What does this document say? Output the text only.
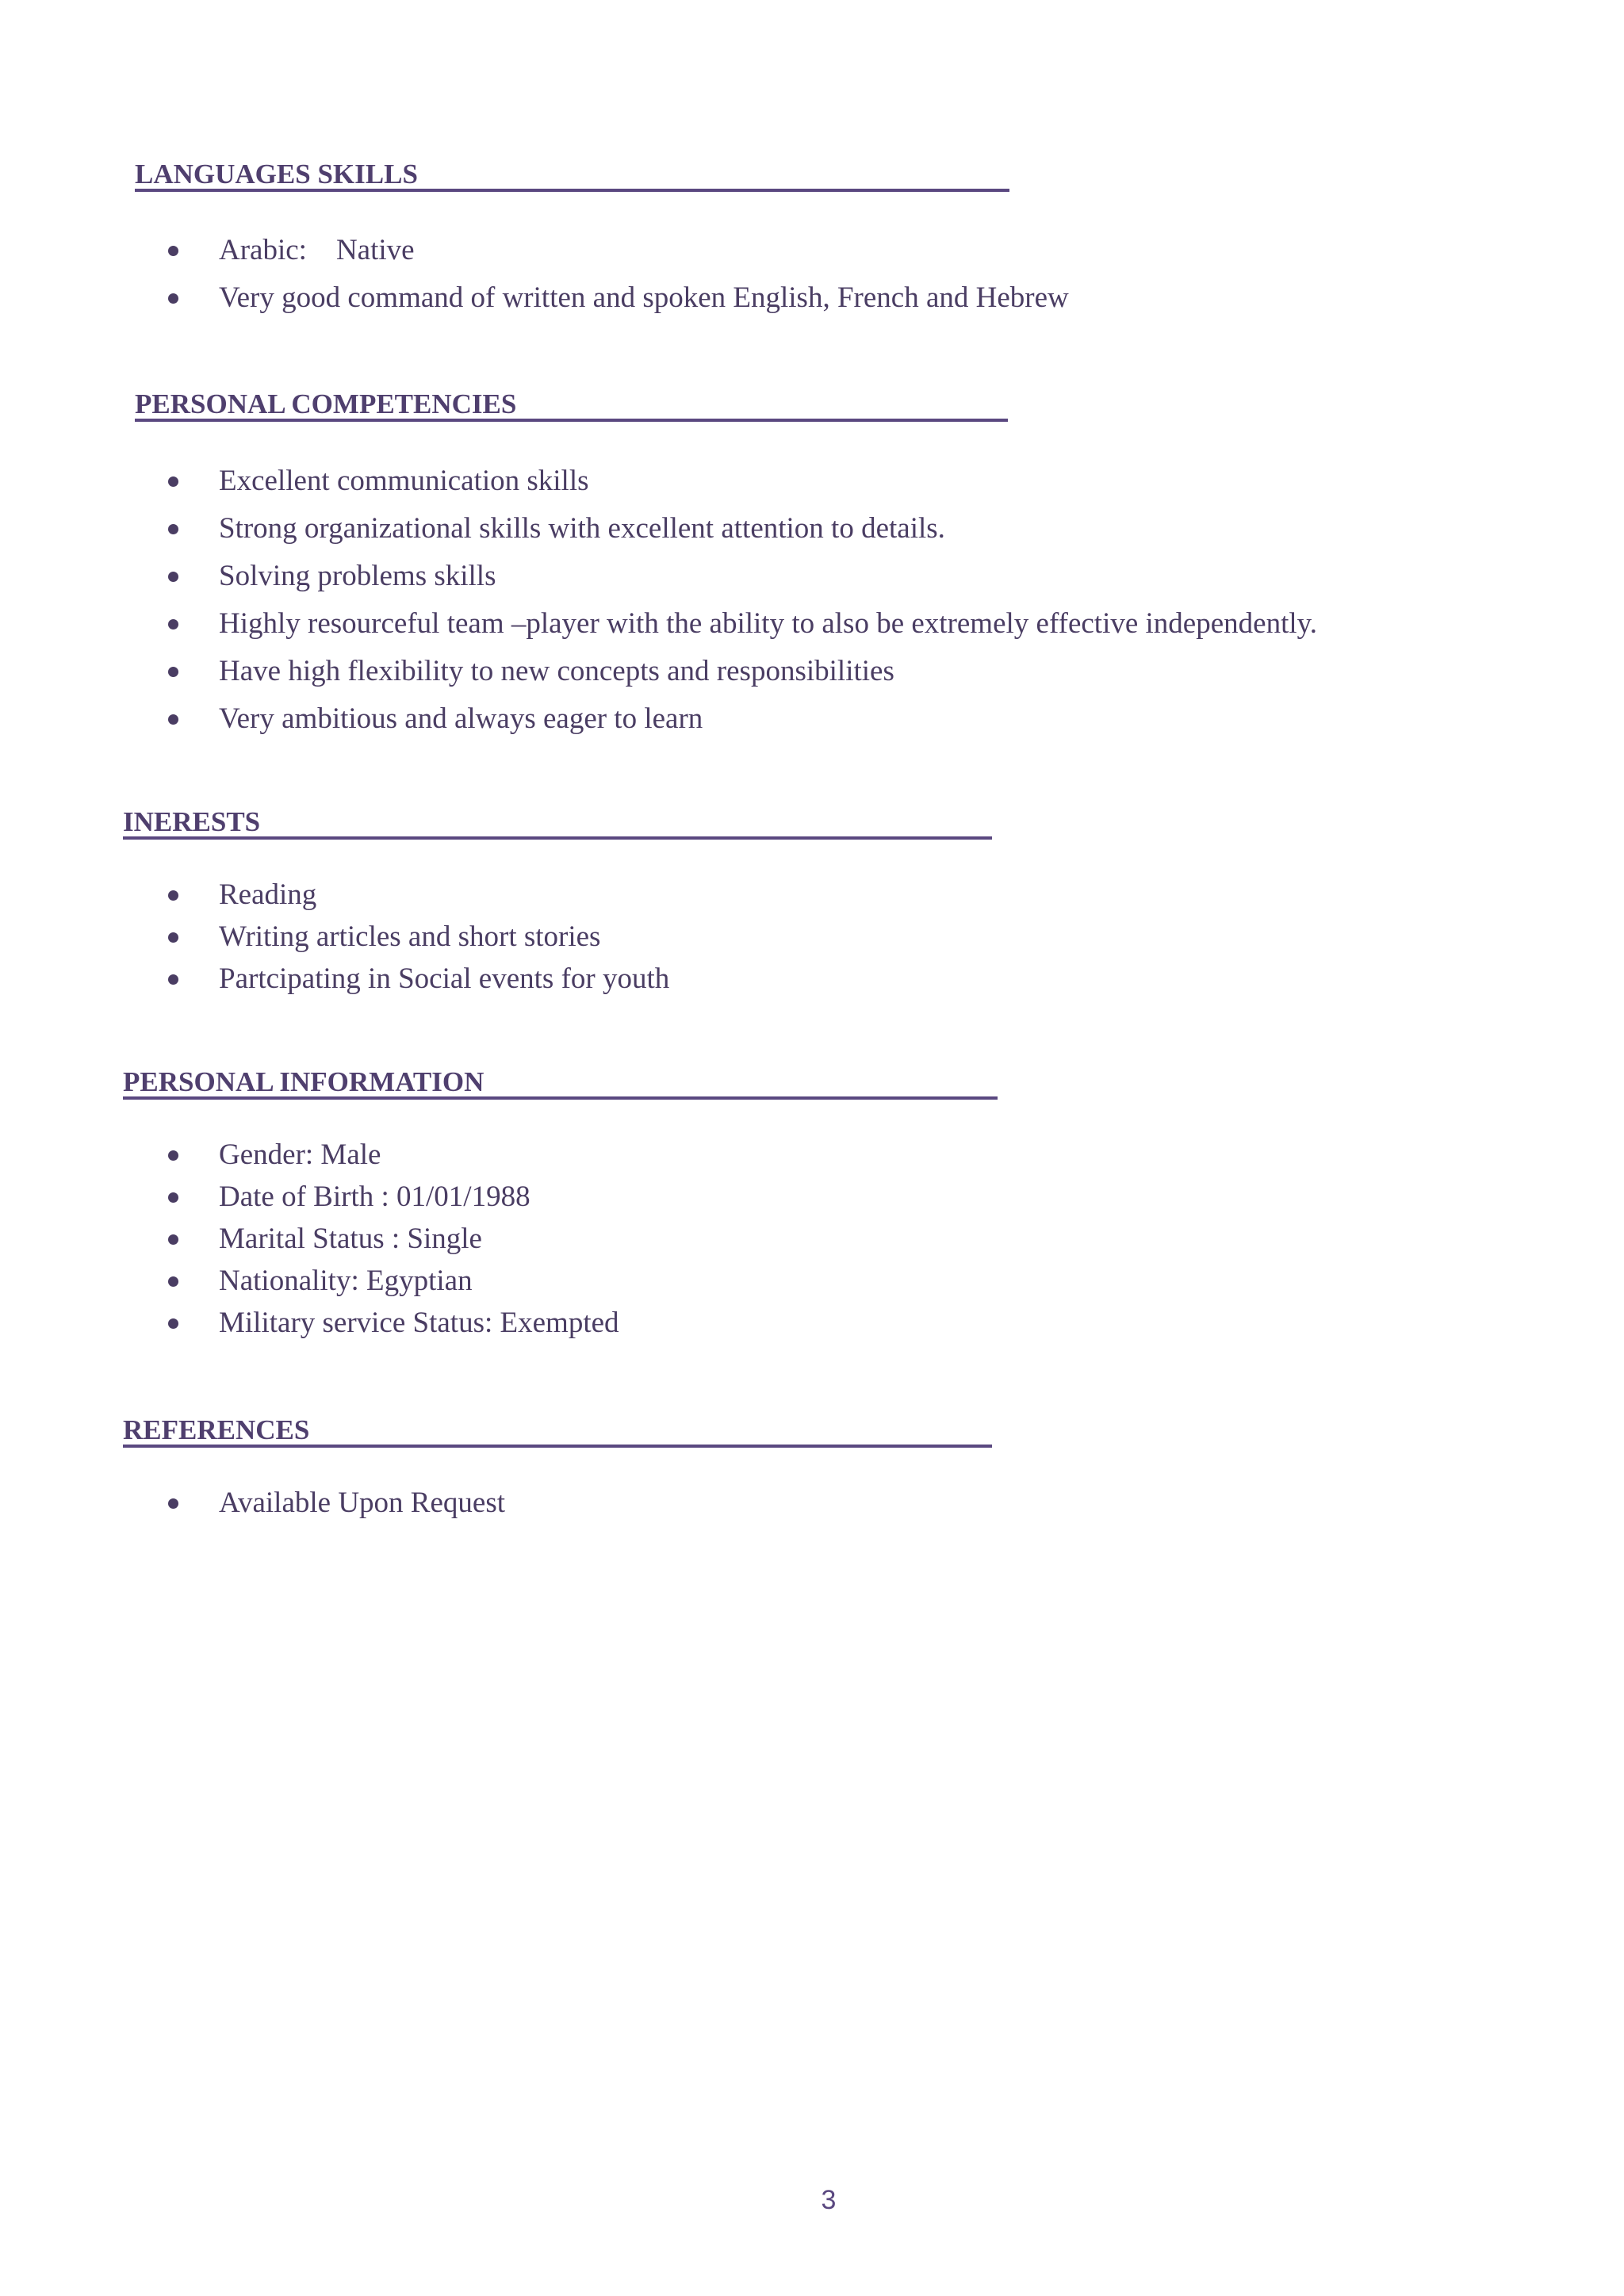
LANGUAGES SKILLS
Arabic:    Native
Very good command of written and spoken English, French and Hebrew
PERSONAL COMPETENCIES
Excellent communication skills
Strong organizational skills with excellent attention to details.
Solving problems skills
Highly resourceful team –player with the ability to also be extremely effective independently.
Have high flexibility to new concepts and responsibilities
Very ambitious and always eager to learn
INERESTS
Reading
Writing articles and short stories
Partcipating in Social events for youth
PERSONAL INFORMATION
Gender: Male
Date of Birth : 01/01/1988
Marital Status : Single
Nationality: Egyptian
Military service Status: Exempted
REFERENCES
Available Upon Request
3
